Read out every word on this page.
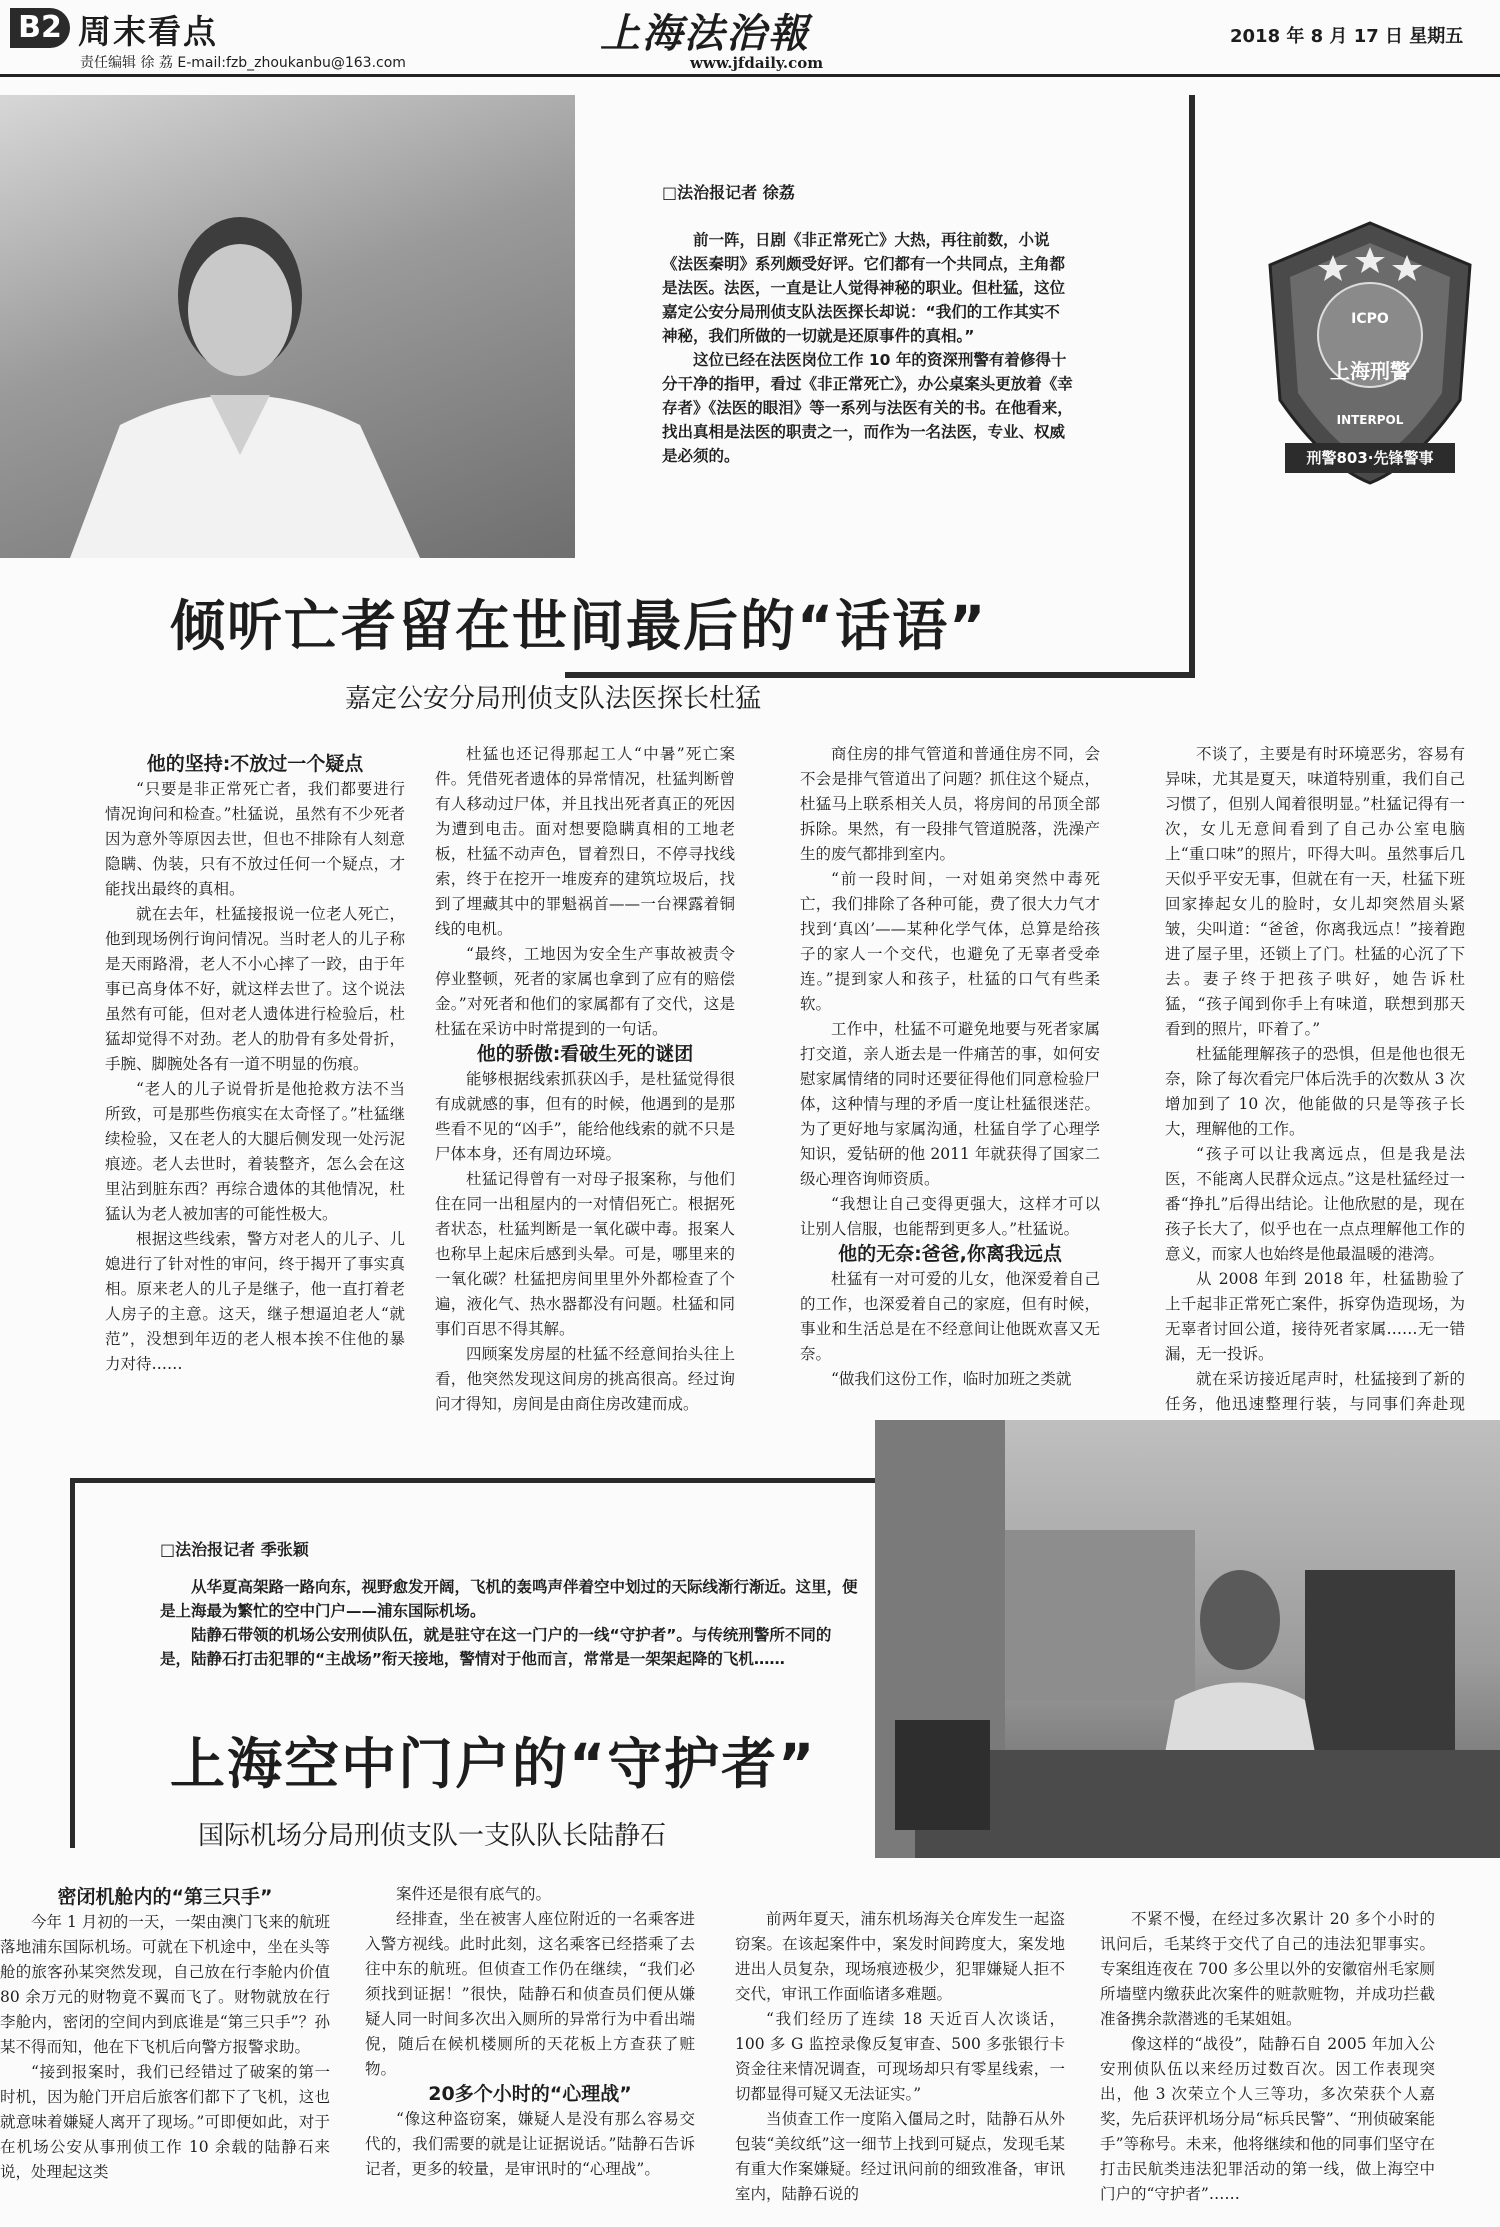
B2 周末看点
责任编辑 徐 荔 E-mail:fzb_zhoukanbu@163.com
上海法治報
www.jfdaily.com
2018 年 8 月 17 日 星期五
□法治报记者 徐荔

前一阵，日剧《非正常死亡》大热，再往前数，小说《法医秦明》系列颇受好评。它们都有一个共同点，主角都是法医。法医，一直是让人觉得神秘的职业。但杜猛，这位嘉定公安分局刑侦支队法医探长却说：“我们的工作其实不神秘，我们所做的一切就是还原事件的真相。”

这位已经在法医岗位工作 10 年的资深刑警有着修得十分干净的指甲，看过《非正常死亡》，办公桌案头更放着《幸存者》《法医的眼泪》等一系列与法医有关的书。在他看来，找出真相是法医的职责之一，而作为一名法医，专业、权威是必须的。

ICPO
上海刑警
INTERPOL
刑警803·先锋警事
倾听亡者留在世间最后的“话语”
嘉定公安分局刑侦支队法医探长杜猛

他的坚持:不放过一个疑点

“只要是非正常死亡者，我们都要进行情况询问和检查。”杜猛说，虽然有不少死者因为意外等原因去世，但也不排除有人刻意隐瞒、伪装，只有不放过任何一个疑点，才能找出最终的真相。

就在去年，杜猛接报说一位老人死亡，他到现场例行询问情况。当时老人的儿子称是天雨路滑，老人不小心摔了一跤，由于年事已高身体不好，就这样去世了。这个说法虽然有可能，但对老人遗体进行检验后，杜猛却觉得不对劲。老人的肋骨有多处骨折，手腕、脚腕处各有一道不明显的伤痕。

“老人的儿子说骨折是他抢救方法不当所致，可是那些伤痕实在太奇怪了。”杜猛继续检验，又在老人的大腿后侧发现一处污泥痕迹。老人去世时，着装整齐，怎么会在这里沾到脏东西？再综合遗体的其他情况，杜猛认为老人被加害的可能性极大。

根据这些线索，警方对老人的儿子、儿媳进行了针对性的审问，终于揭开了事实真相。原来老人的儿子是继子，他一直打着老人房子的主意。这天，继子想逼迫老人“就范”，没想到年迈的老人根本挨不住他的暴力对待……

杜猛也还记得那起工人“中暑”死亡案件。凭借死者遗体的异常情况，杜猛判断曾有人移动过尸体，并且找出死者真正的死因为遭到电击。面对想要隐瞒真相的工地老板，杜猛不动声色，冒着烈日，不停寻找线索，终于在挖开一堆废弃的建筑垃圾后，找到了埋藏其中的罪魁祸首——一台裸露着铜线的电机。

“最终，工地因为安全生产事故被责令停业整顿，死者的家属也拿到了应有的赔偿金。”对死者和他们的家属都有了交代，这是杜猛在采访中时常提到的一句话。

他的骄傲:看破生死的谜团

能够根据线索抓获凶手，是杜猛觉得很有成就感的事，但有的时候，他遇到的是那些看不见的“凶手”，能给他线索的就不只是尸体本身，还有周边环境。

杜猛记得曾有一对母子报案称，与他们住在同一出租屋内的一对情侣死亡。根据死者状态，杜猛判断是一氧化碳中毒。报案人也称早上起床后感到头晕。可是，哪里来的一氧化碳？杜猛把房间里里外外都检查了个遍，液化气、热水器都没有问题。杜猛和同事们百思不得其解。

四顾案发房屋的杜猛不经意间抬头往上看，他突然发现这间房的挑高很高。经过询问才得知，房间是由商住房改建而成。

商住房的排气管道和普通住房不同，会不会是排气管道出了问题？抓住这个疑点，杜猛马上联系相关人员，将房间的吊顶全部拆除。果然，有一段排气管道脱落，洗澡产生的废气都排到室内。

“前一段时间，一对姐弟突然中毒死亡，我们排除了各种可能，费了很大力气才找到‘真凶’——某种化学气体，总算是给孩子的家人一个交代，也避免了无辜者受牵连。”提到家人和孩子，杜猛的口气有些柔软。

工作中，杜猛不可避免地要与死者家属打交道，亲人逝去是一件痛苦的事，如何安慰家属情绪的同时还要征得他们同意检验尸体，这种情与理的矛盾一度让杜猛很迷茫。为了更好地与家属沟通，杜猛自学了心理学知识，爱钻研的他 2011 年就获得了国家二级心理咨询师资质。

“我想让自己变得更强大，这样才可以让别人信服，也能帮到更多人。”杜猛说。

他的无奈:爸爸,你离我远点

杜猛有一对可爱的儿女，他深爱着自己的工作，也深爱着自己的家庭，但有时候，事业和生活总是在不经意间让他既欢喜又无奈。

“做我们这份工作，临时加班之类就

不谈了，主要是有时环境恶劣，容易有异味，尤其是夏天，味道特别重，我们自己习惯了，但别人闻着很明显。”杜猛记得有一次，女儿无意间看到了自己办公室电脑上“重口味”的照片，吓得大叫。虽然事后几天似乎平安无事，但就在有一天，杜猛下班回家捧起女儿的脸时，女儿却突然眉头紧皱，尖叫道：“爸爸，你离我远点！”接着跑进了屋子里，还锁上了门。杜猛的心沉了下去。妻子终于把孩子哄好，她告诉杜猛，“孩子闻到你手上有味道，联想到那天看到的照片，吓着了。”

杜猛能理解孩子的恐惧，但是他也很无奈，除了每次看完尸体后洗手的次数从 3 次增加到了 10 次，他能做的只是等孩子长大，理解他的工作。

“孩子可以让我离远点，但是我是法医，不能离人民群众远点。”这是杜猛经过一番“挣扎”后得出结论。让他欣慰的是，现在孩子长大了，似乎也在一点点理解他工作的意义，而家人也始终是他最温暖的港湾。

从 2008 年到 2018 年，杜猛勘验了上千起非正常死亡案件，拆穿伪造现场，为无辜者讨回公道，接待死者家属……无一错漏，无一投诉。

就在采访接近尾声时，杜猛接到了新的任务，他迅速整理行装，与同事们奔赴现

□法治报记者 季张颖

从华夏高架路一路向东，视野愈发开阔，飞机的轰鸣声伴着空中划过的天际线渐行渐近。这里，便是上海最为繁忙的空中门户——浦东国际机场。

陆静石带领的机场公安刑侦队伍，就是驻守在这一门户的一线“守护者”。与传统刑警所不同的是，陆静石打击犯罪的“主战场”衔天接地，警情对于他而言，常常是一架架起降的飞机……

上海空中门户的“守护者”
国际机场分局刑侦支队一支队队长陆静石

密闭机舱内的“第三只手”

今年 1 月初的一天，一架由澳门飞来的航班落地浦东国际机场。可就在下机途中，坐在头等舱的旅客孙某突然发现，自己放在行李舱内价值 80 余万元的财物竟不翼而飞了。财物就放在行李舱内，密闭的空间内到底谁是“第三只手”？孙某不得而知，他在下飞机后向警方报警求助。

“接到报案时，我们已经错过了破案的第一时机，因为舱门开启后旅客们都下了飞机，这也就意味着嫌疑人离开了现场。”可即便如此，对于在机场公安从事刑侦工作 10 余载的陆静石来说，处理起这类

案件还是很有底气的。

经排查，坐在被害人座位附近的一名乘客进入警方视线。此时此刻，这名乘客已经搭乘了去往中东的航班。但侦查工作仍在继续，“我们必须找到证据！”很快，陆静石和侦查员们便从嫌疑人同一时间多次出入厕所的异常行为中看出端倪，随后在候机楼厕所的天花板上方查获了赃物。

20多个小时的“心理战”

“像这种盗窃案，嫌疑人是没有那么容易交代的，我们需要的就是让证据说话。”陆静石告诉记者，更多的较量，是审讯时的“心理战”。

前两年夏天，浦东机场海关仓库发生一起盗窃案。在该起案件中，案发时间跨度大，案发地进出人员复杂，现场痕迹极少，犯罪嫌疑人拒不交代，审讯工作面临诸多难题。

“我们经历了连续 18 天近百人次谈话，100 多 G 监控录像反复审查、500 多张银行卡资金往来情况调查，可现场却只有零星线索，一切都显得可疑又无法证实。”

当侦查工作一度陷入僵局之时，陆静石从外包装“美纹纸”这一细节上找到可疑点，发现毛某有重大作案嫌疑。经过讯问前的细致准备，审讯室内，陆静石说的

不紧不慢，在经过多次累计 20 多个小时的讯问后，毛某终于交代了自己的违法犯罪事实。专案组连夜在 700 多公里以外的安徽宿州毛家厕所墙壁内缴获此次案件的赃款赃物，并成功拦截准备携余款潜逃的毛某姐姐。

像这样的“战役”，陆静石自 2005 年加入公安刑侦队伍以来经历过数百次。因工作表现突出，他 3 次荣立个人三等功，多次荣获个人嘉奖，先后获评机场分局“标兵民警”、“刑侦破案能手”等称号。未来，他将继续和他的同事们坚守在打击民航类违法犯罪活动的第一线，做上海空中门户的“守护者”……
